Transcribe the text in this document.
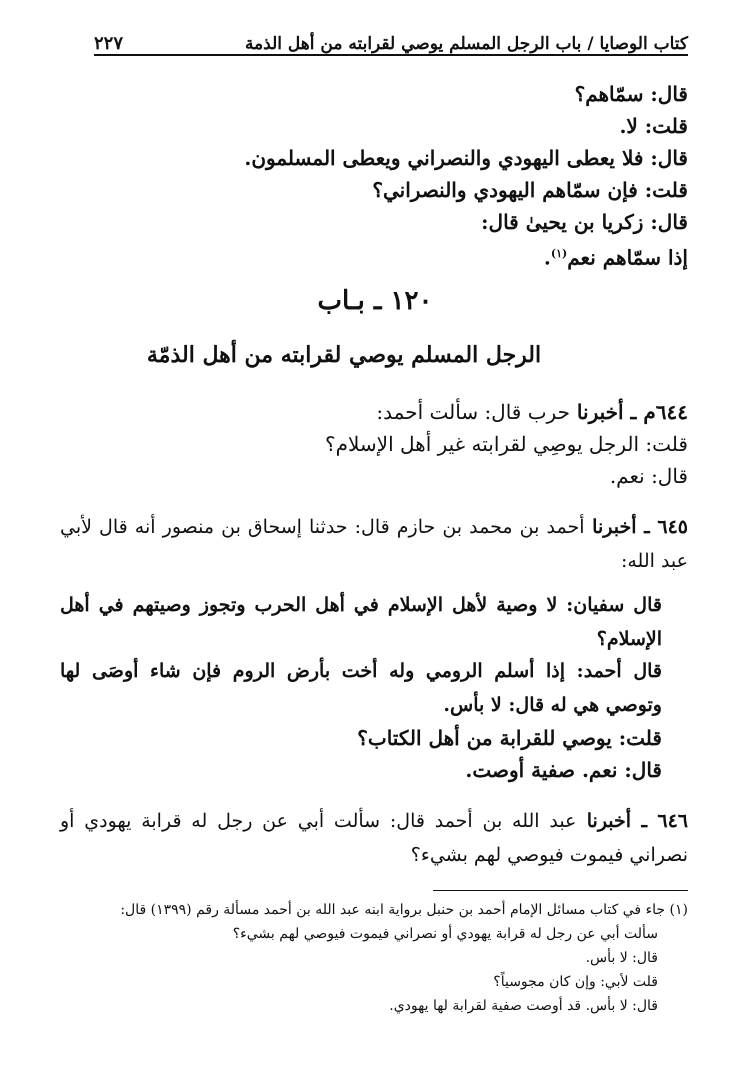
٢٢٧	كتاب الوصايا / باب الرجل المسلم يوصي لقرابته من أهل الذمة
قال: سمّاهم؟
قلت: لا.
قال: فلا يعطى اليهودي والنصراني ويعطى المسلمون.
قلت: فإن سمّاهم اليهودي والنصراني؟
قال: زكريا بن يحيىٰ قال:
إذا سمّاهم نعم$^{(١)}$.
١٢٠ ـ بـاب
الرجل المسلم يوصي لقرابته من أهل الذمّة
٦٤٤م ـ أخبرنا حرب قال: سألت أحمد:
قلت: الرجل يوصِي لقرابته غير أهل الإسلام؟
قال: نعم.
٦٤٥ ـ أخبرنا أحمد بن محمد بن حازم قال: حدثنا إسحاق بن منصور أنه قال لأبي عبد الله:
قال سفيان: لا وصية لأهل الإسلام في أهل الحرب وتجوز وصيتهم في أهل الإسلام؟
قال أحمد: إذا أسلم الرومي وله أخت بأرض الروم فإن شاء أوصَى لها وتوصي هي له قال: لا بأس.
قلت: يوصي للقرابة من أهل الكتاب؟
قال: نعم. صفية أوصت.
٦٤٦ ـ أخبرنا عبد الله بن أحمد قال: سألت أبي عن رجل له قرابة يهودي أو نصراني فيموت فيوصي لهم بشيء؟
(١) جاء في كتاب مسائل الإمام أحمد بن حنبل برواية ابنه عبد الله بن أحمد مسألة رقم (١٣٩٩) قال:
سألت أبي عن رجل له قرابة يهودي أو نصراني فيموت فيوصي لهم بشيء؟
قال: لا بأس.
قلت لأبي: وإن كان مجوسياً؟
قال: لا بأس. قد أوصت صفية لقرابة لها يهودي.
